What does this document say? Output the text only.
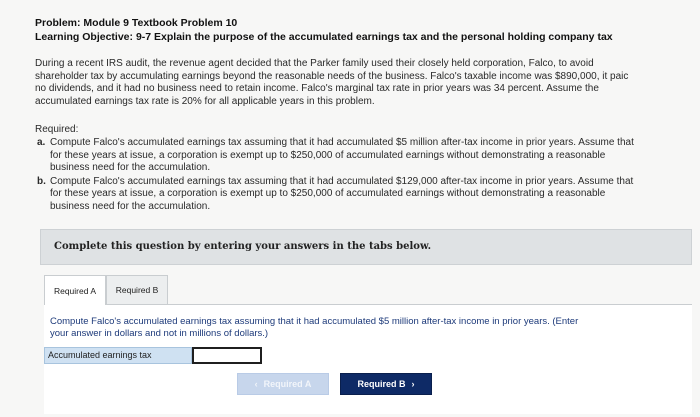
Problem: Module 9 Textbook Problem 10
Learning Objective: 9-7 Explain the purpose of the accumulated earnings tax and the personal holding company tax

During a recent IRS audit, the revenue agent decided that the Parker family used their closely held corporation, Falco, to avoid

shareholder tax by accumulating earnings beyond the reasonable needs of the business. Falco's taxable income was $890,000, it paic

no dividends, and it had no business need to retain income. Falco's marginal tax rate in prior years was 34 percent. Assume the

accumulated earnings tax rate is 20% for all applicable years in this problem.

Required:
a. Compute Falco's accumulated earnings tax assuming that it had accumulated $5 million after-tax income in prior years. Assume that

for these years at issue, a corporation is exempt up to $250,000 of accumulated earnings without demonstrating a reasonable

business need for the accumulation.

b. Compute Falco's accumulated earnings tax assuming that it had accumulated $129,000 after-tax income in prior years. Assume that

for these years at issue, a corporation is exempt up to $250,000 of accumulated earnings without demonstrating a reasonable

business need for the accumulation.

Complete this question by entering your answers in the tabs below.
Required A	Required B

Compute Falco's accumulated earnings tax assuming that it had accumulated $5 million after-tax income in prior years. (Enter

your answer in dollars and not in millions of dollars.)

Accumulated earnings tax
‹ Required A	Required B ›
